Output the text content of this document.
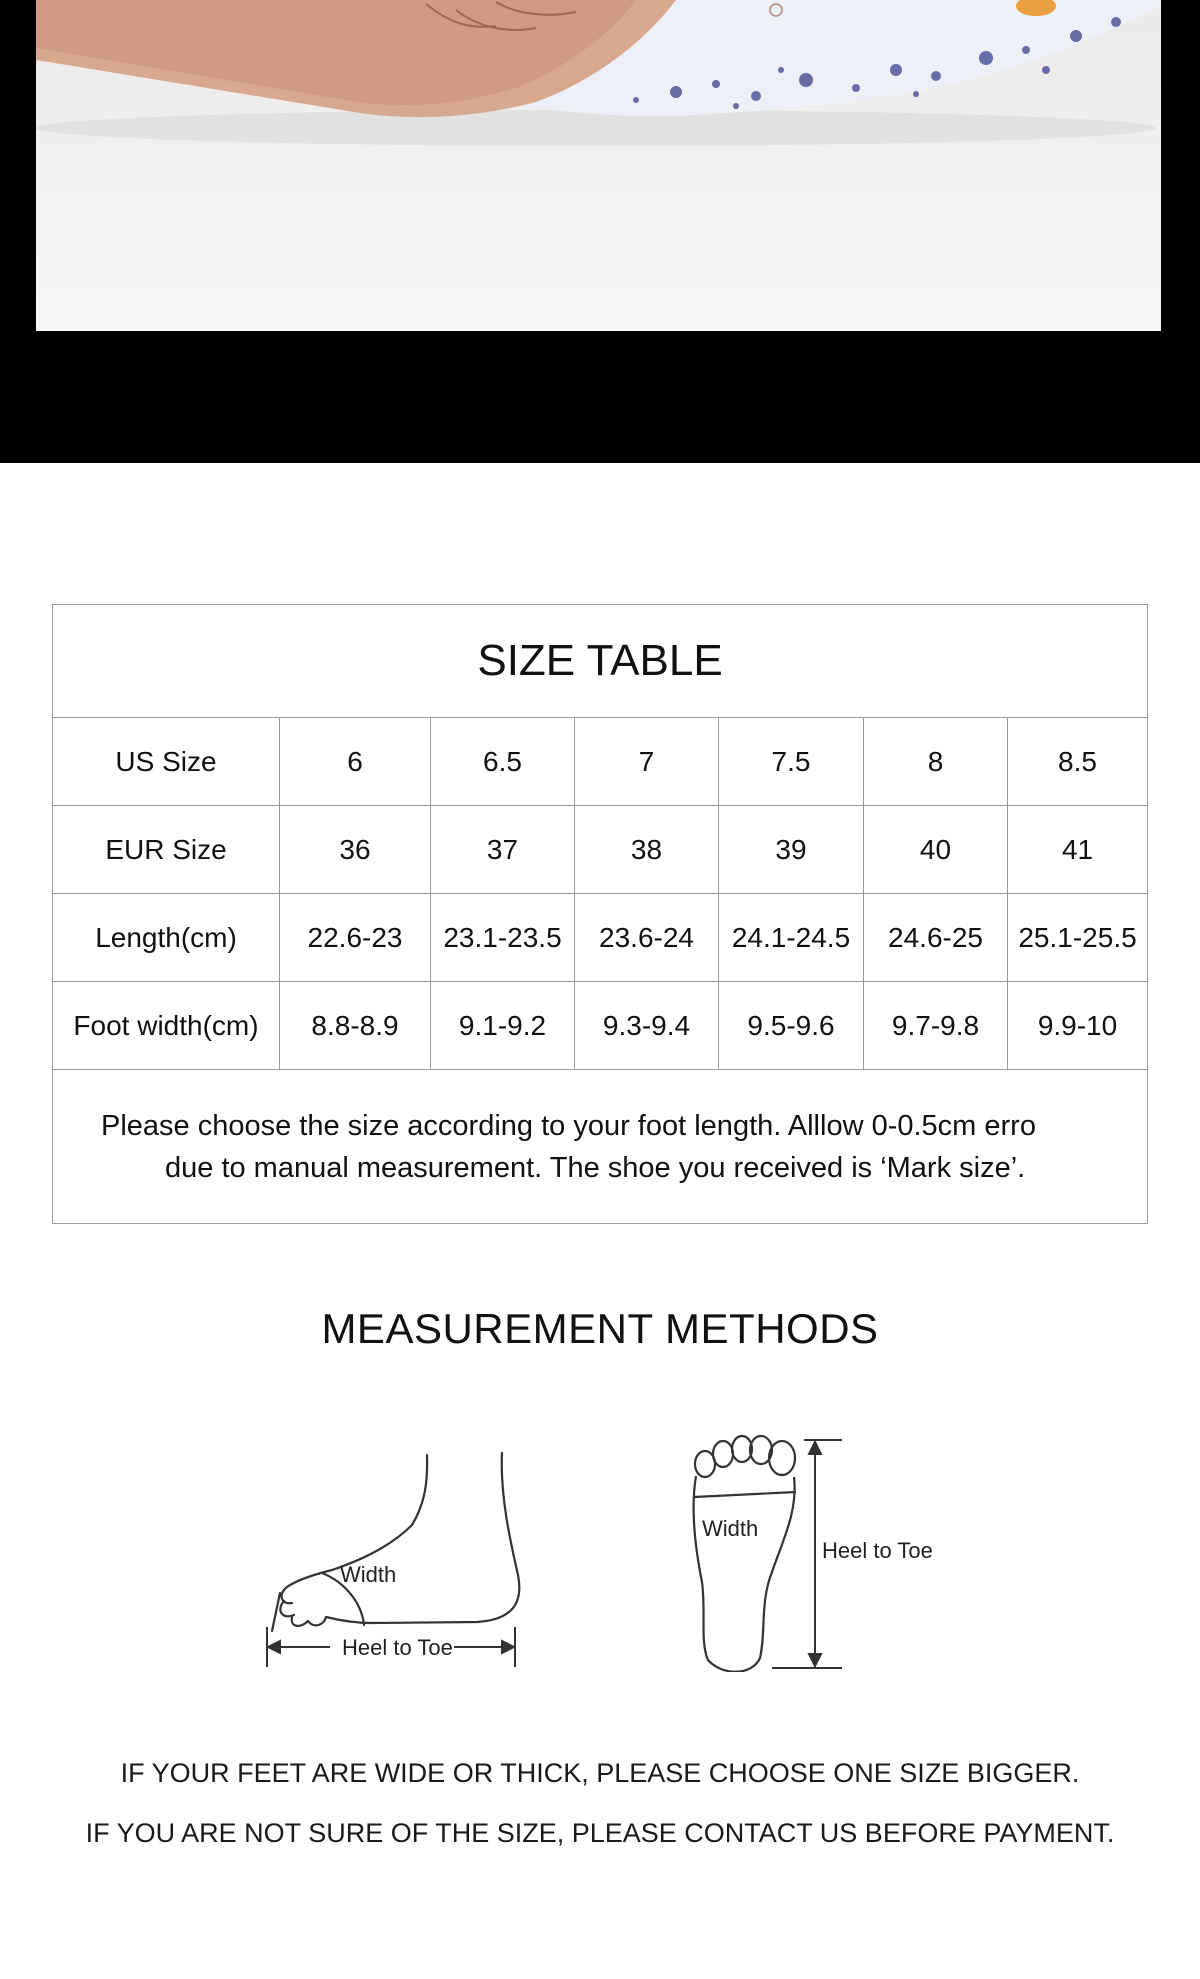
SIZE TABLE						
US Size	6	6.5	7	7.5	8	8.5
EUR Size	36	37	38	39	40	41
Length(cm)	22.6-23	23.1-23.5	23.6-24	24.1-24.5	24.6-25	25.1-25.5
Foot width(cm)	8.8-8.9	9.1-9.2	9.3-9.4	9.5-9.6	9.7-9.8	9.9-10

Please choose the size according to your foot length. Alllow 0-0.5cm erro
due to manual measurement. The shoe you received is ‘Mark size’.						
MEASUREMENT METHODS
Width
Heel to Toe
Width
Heel to Toe
IF YOUR FEET ARE WIDE OR THICK, PLEASE CHOOSE ONE SIZE BIGGER.
IF YOU ARE NOT SURE OF THE SIZE, PLEASE CONTACT US BEFORE PAYMENT.
